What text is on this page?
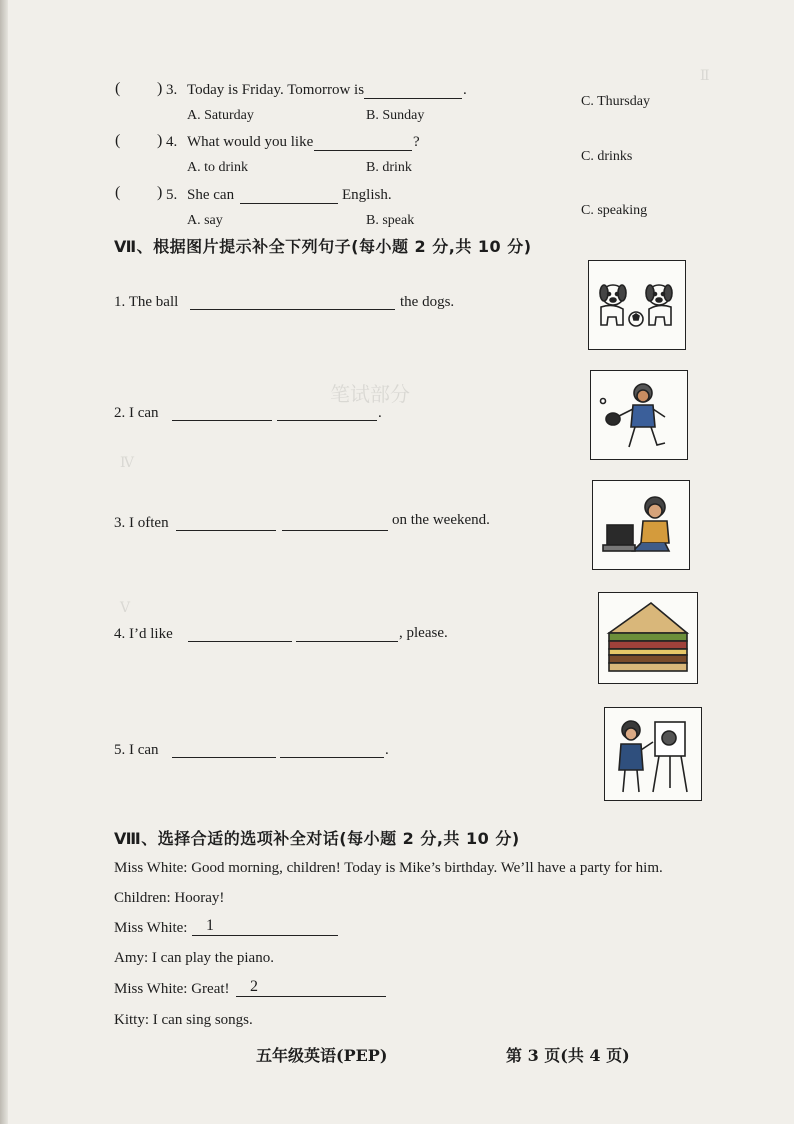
Ⅱ
笔试部分
Ⅳ
Ⅴ
( ) 3. Today is Friday. Tomorrow is	.
A. Saturday	B. Sunday
C. Thursday
( ) 4. What would you like	?
A. to drink	B. drink
C. drinks
( ) 5. She can	English.
A. say	B. speak
C. speaking
Ⅶ、根据图片提示补全下列句子(每小题 2 分,共 10 分)
1. The ball	the dogs.
2. I can	.
3. I often	on the weekend.
4. I’d like	, please.
5. I can	.
Ⅷ、选择合适的选项补全对话(每小题 2 分,共 10 分)
Miss White: Good morning, children! Today is Mike’s birthday. We’ll have a party for him.
Children: Hooray!
Miss White:	1
Amy: I can play the piano.
Miss White: Great!	2
Kitty: I can sing songs.
五年级英语(PEP)	第 3 页(共 4 页)
